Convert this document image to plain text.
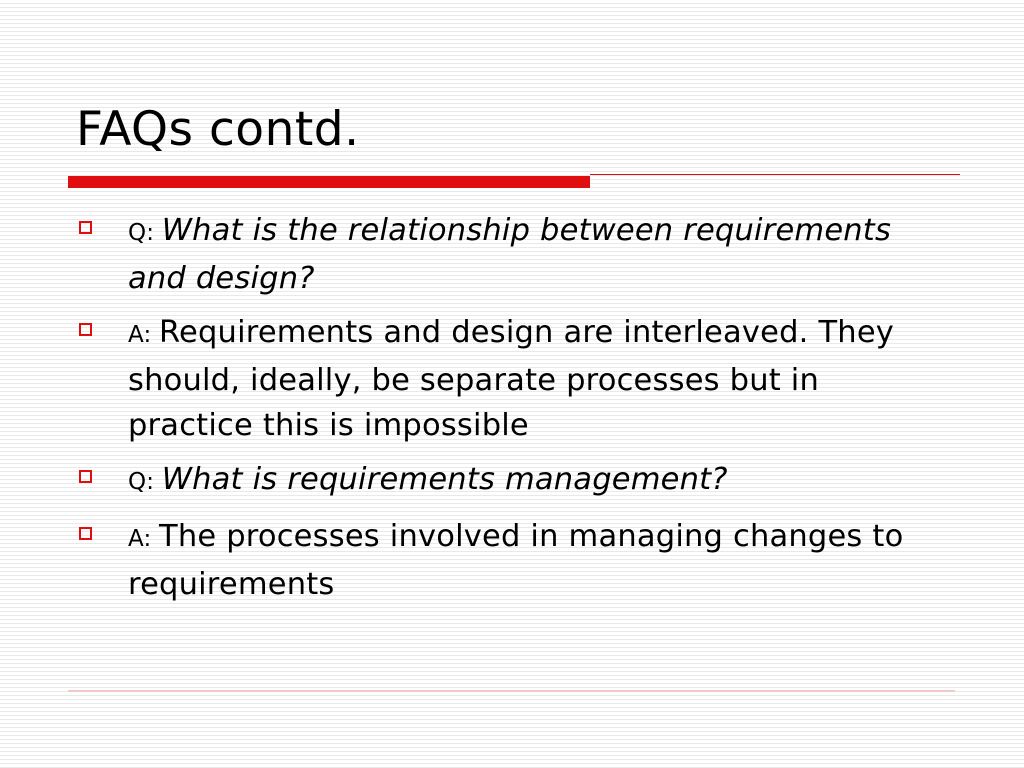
FAQs contd.
Q: What is the relationship between requirements and design?
A: Requirements and design are interleaved. They should, ideally, be separate processes but in practice this is impossible
Q: What is requirements management?
A: The processes involved in managing changes to requirements
